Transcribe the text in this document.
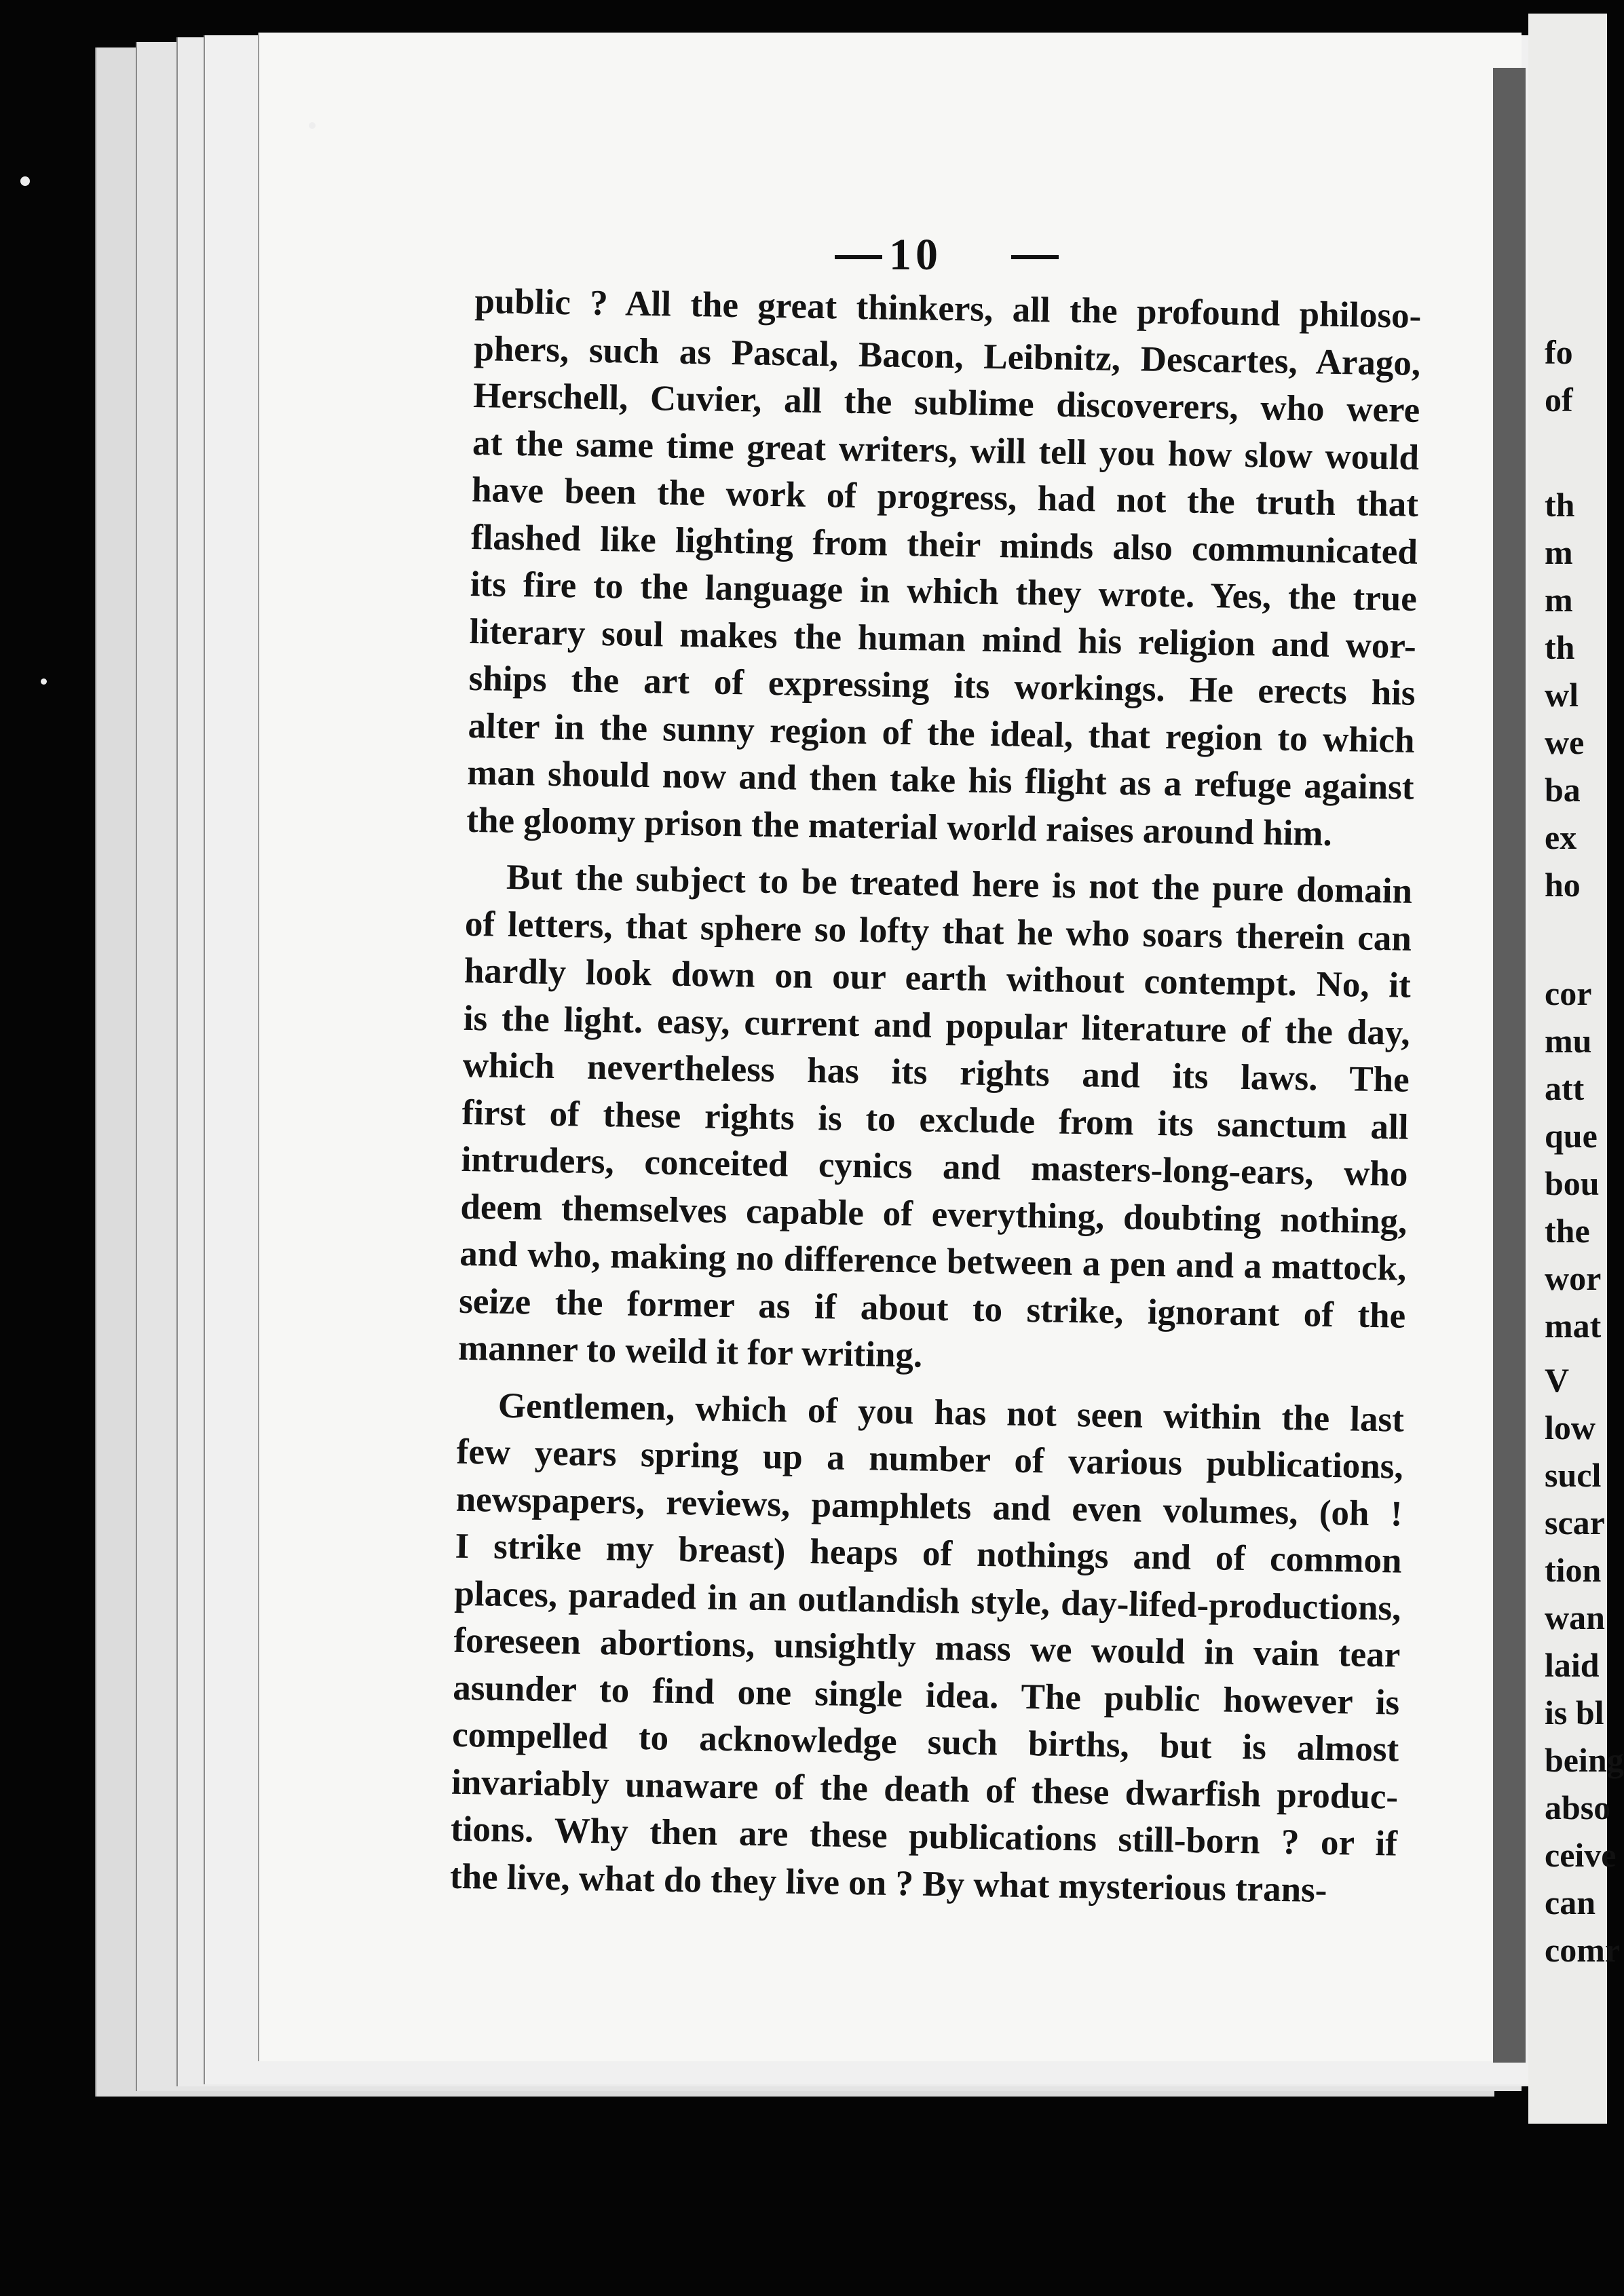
10
public ? All the great thinkers, all the profound philoso-
phers, such as Pascal, Bacon, Leibnitz, Descartes, Arago,
Herschell, Cuvier, all the sublime discoverers, who were
at the same time great writers, will tell you how slow would
have been the work of progress, had not the truth that
flashed like lighting from their minds also communicated
its fire to the language in which they wrote. Yes, the true
literary soul makes the human mind his religion and wor-
ships the art of expressing its workings. He erects his
alter in the sunny region of the ideal, that region to which
man should now and then take his flight as a refuge against
the gloomy prison the material world raises around him.
But the subject to be treated here is not the pure domain
of letters, that sphere so lofty that he who soars therein can
hardly look down on our earth without contempt. No, it
is the light. easy, current and popular literature of the day,
which nevertheless has its rights and its laws. The
first of these rights is to exclude from its sanctum all
intruders, conceited cynics and masters-long-ears, who
deem themselves capable of everything, doubting nothing,
and who, making no difference between a pen and a mattock,
seize the former as if about to strike, ignorant of the
manner to weild it for writing.
Gentlemen, which of you has not seen within the last
few years spring up a number of various publications,
newspapers, reviews, pamphlets and even volumes, (oh !
I strike my breast) heaps of nothings and of common
places, paraded in an outlandish style, day-lifed-productions,
foreseen abortions, unsightly mass we would in vain tear
asunder to find one single idea. The public however is
compelled to acknowledge such births, but is almost
invariably unaware of the death of these dwarfish produc-
tions. Why then are these publications still-born ? or if
the live, what do they live on ? By what mysterious trans-
fo
of
th
m
m
th
wl
we
ba
ex
ho
cor
mu
att
que
bou
the
wor
mat
V
low
sucl
scar
tion
wan
laid
is bl
being
abso
ceive
can
comr
